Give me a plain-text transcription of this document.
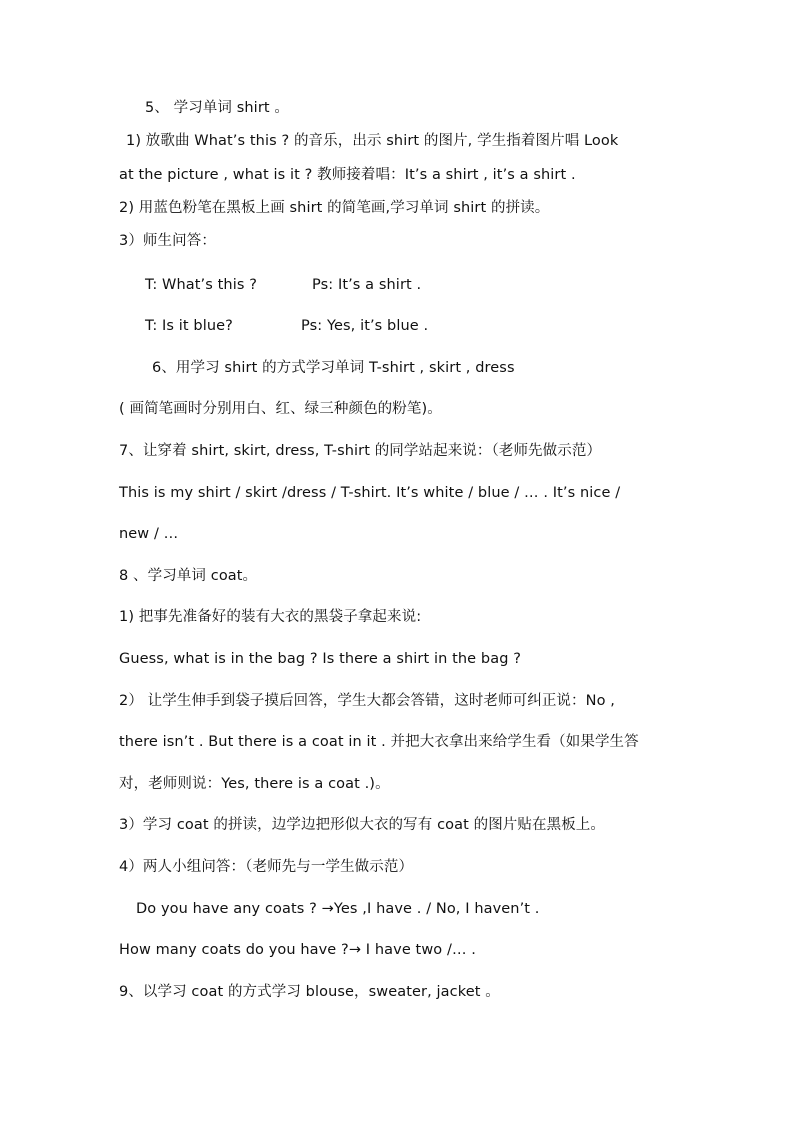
5、 学习单词 shirt 。
1) 放歌曲 What’s this ? 的音乐，出示 shirt 的图片, 学生指着图片唱 Look
at the picture , what is it ? 教师接着唱：It’s a shirt , it’s a shirt .
2) 用蓝色粉笔在黑板上画 shirt 的简笔画,学习单词 shirt 的拼读。
3）师生问答：
T: What’s this ?	Ps: It’s a shirt .
T: Is it blue?	Ps: Yes, it’s blue .
6、用学习 shirt 的方式学习单词 T-shirt , skirt , dress
( 画简笔画时分别用白、红、绿三种颜色的粉笔)。
7、让穿着 shirt, skirt, dress, T-shirt 的同学站起来说：（老师先做示范）
This is my shirt / skirt /dress / T-shirt. It’s white / blue / … . It’s nice /
new / …
8 、学习单词 coat。
1) 把事先准备好的装有大衣的黑袋子拿起来说:
Guess, what is in the bag ? Is there a shirt in the bag ?
2） 让学生伸手到袋子摸后回答，学生大都会答错，这时老师可纠正说：No ,
there isn’t . But there is a coat in it . 并把大衣拿出来给学生看（如果学生答
对，老师则说：Yes, there is a coat .)。
3）学习 coat 的拼读，边学边把形似大衣的写有 coat 的图片贴在黑板上。
4）两人小组问答：（老师先与一学生做示范）
Do you have any coats ? →Yes ,I have . / No, I haven’t .
How many coats do you have ?→ I have two /… .
9、以学习 coat 的方式学习 blouse，sweater, jacket 。
